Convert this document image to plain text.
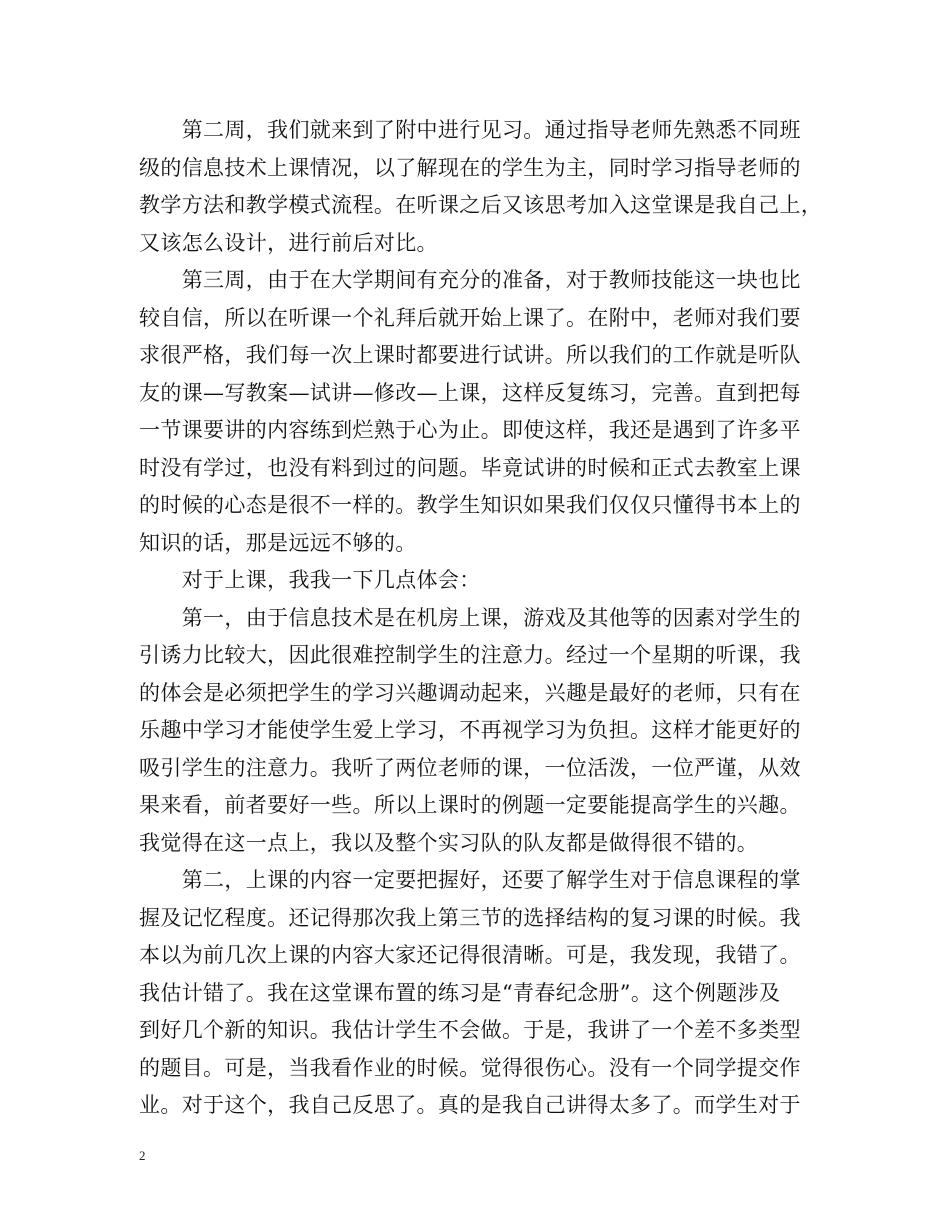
　　第二周，我们就来到了附中进行见习。通过指导老师先熟悉不同班
级的信息技术上课情况，以了解现在的学生为主，同时学习指导老师的
教学方法和教学模式流程。在听课之后又该思考加入这堂课是我自己上，
又该怎么设计，进行前后对比。
　　第三周，由于在大学期间有充分的准备，对于教师技能这一块也比
较自信，所以在听课一个礼拜后就开始上课了。在附中，老师对我们要
求很严格，我们每一次上课时都要进行试讲。所以我们的工作就是听队
友的课—写教案—试讲—修改—上课，这样反复练习，完善。直到把每
一节课要讲的内容练到烂熟于心为止。即使这样，我还是遇到了许多平
时没有学过，也没有料到过的问题。毕竟试讲的时候和正式去教室上课
的时候的心态是很不一样的。教学生知识如果我们仅仅只懂得书本上的
知识的话，那是远远不够的。
　　对于上课，我我一下几点体会：
　　第一，由于信息技术是在机房上课，游戏及其他等的因素对学生的
引诱力比较大，因此很难控制学生的注意力。经过一个星期的听课，我
的体会是必须把学生的学习兴趣调动起来，兴趣是最好的老师，只有在
乐趣中学习才能使学生爱上学习，不再视学习为负担。这样才能更好的
吸引学生的注意力。我听了两位老师的课，一位活泼，一位严谨，从效
果来看，前者要好一些。所以上课时的例题一定要能提高学生的兴趣。
我觉得在这一点上，我以及整个实习队的队友都是做得很不错的。
　　第二，上课的内容一定要把握好，还要了解学生对于信息课程的掌
握及记忆程度。还记得那次我上第三节的选择结构的复习课的时候。我
本以为前几次上课的内容大家还记得很清晰。可是，我发现，我错了。
我估计错了。我在这堂课布置的练习是“青春纪念册”。这个例题涉及
到好几个新的知识。我估计学生不会做。于是，我讲了一个差不多类型
的题目。可是，当我看作业的时候。觉得很伤心。没有一个同学提交作
业。对于这个，我自己反思了。真的是我自己讲得太多了。而学生对于
2
